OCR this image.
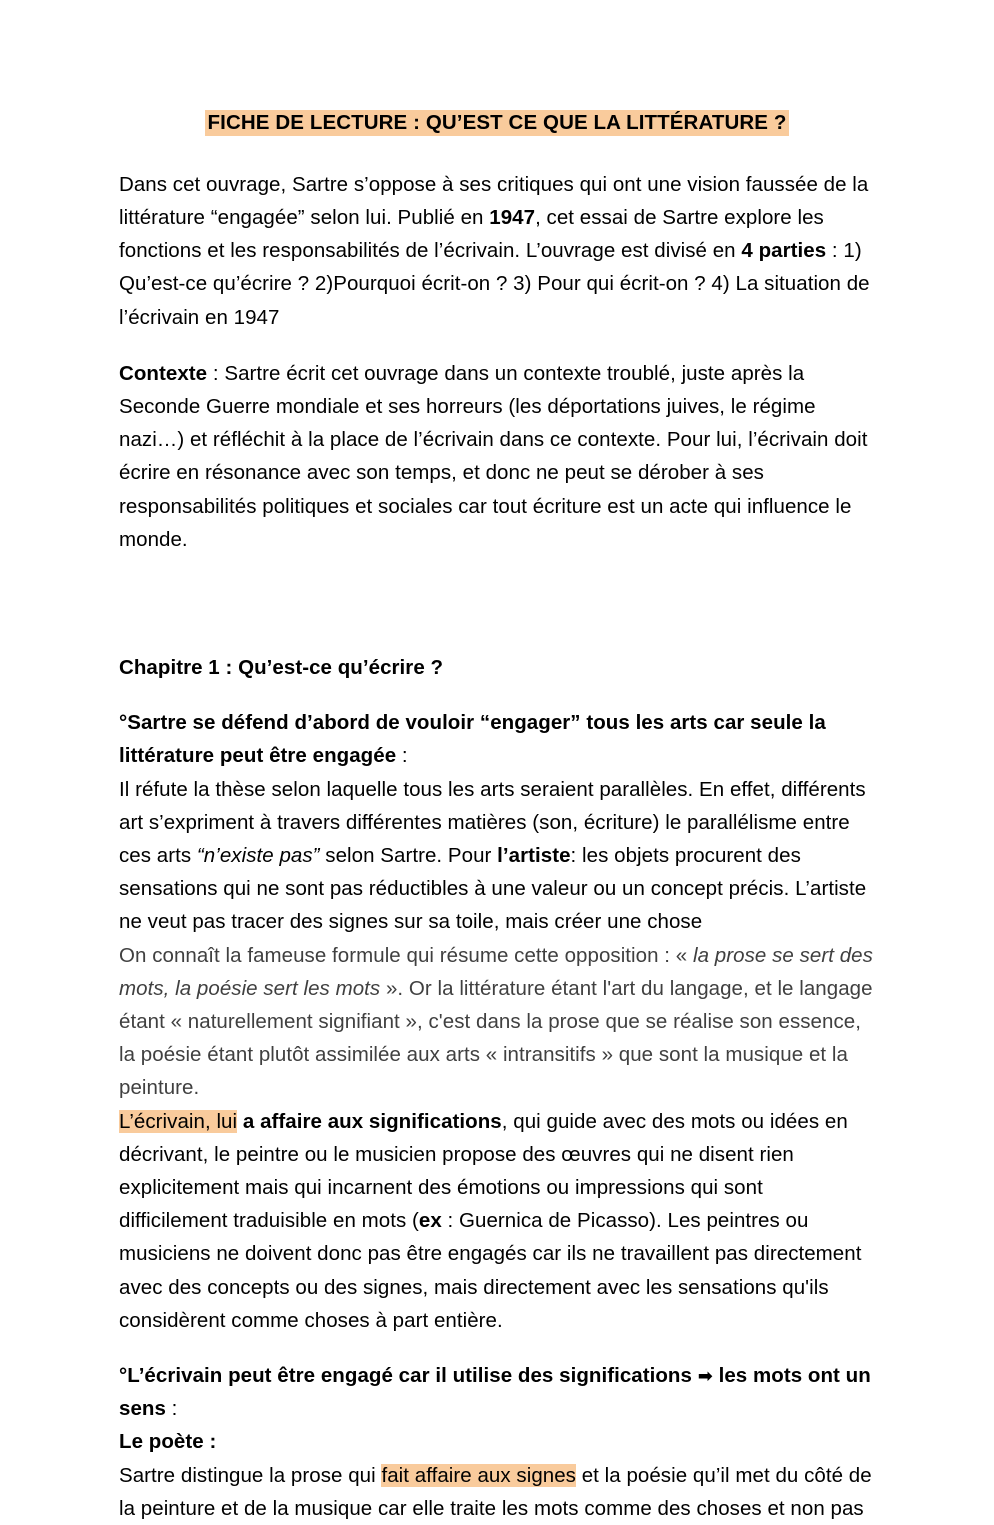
FICHE DE LECTURE : QU’EST CE QUE LA LITTÉRATURE ?

Dans cet ouvrage, Sartre s’oppose à ses critiques qui ont une vision faussée de la littérature “engagée” selon lui. Publié en 1947, cet essai de Sartre explore les fonctions et les responsabilités de l’écrivain. L’ouvrage est divisé en 4 parties : 1) Qu’est-ce qu’écrire ? 2)Pourquoi écrit-on ? 3) Pour qui écrit-on ? 4) La situation de l’écrivain en 1947

Contexte : Sartre écrit cet ouvrage dans un contexte troublé, juste après la Seconde Guerre mondiale et ses horreurs (les déportations juives, le régime nazi…) et réfléchit à la place de l’écrivain dans ce contexte. Pour lui, l’écrivain doit écrire en résonance avec son temps, et donc ne peut se dérober à ses responsabilités politiques et sociales car tout écriture est un acte qui influence le monde.

Chapitre 1 : Qu’est-ce qu’écrire ?

°Sartre se défend d’abord de vouloir “engager” tous les arts car seule la littérature peut être engagée :

Il réfute la thèse selon laquelle tous les arts seraient parallèles. En effet, différents art s’expriment à travers différentes matières (son, écriture) le parallélisme entre ces arts “n’existe pas” selon Sartre. Pour l’artiste: les objets procurent des sensations qui ne sont pas réductibles à une valeur ou un concept précis. L’artiste ne veut pas tracer des signes sur sa toile, mais créer une chose

On connaît la fameuse formule qui résume cette opposition : « la prose se sert des mots, la poésie sert les mots ». Or la littérature étant l'art du langage, et le langage étant « naturellement signifiant », c'est dans la prose que se réalise son essence, la poésie étant plutôt assimilée aux arts « intransitifs » que sont la musique et la peinture.

L’écrivain, lui a affaire aux significations, qui guide avec des mots ou idées en décrivant, le peintre ou le musicien propose des œuvres qui ne disent rien explicitement mais qui incarnent des émotions ou impressions qui sont difficilement traduisible en mots (ex : Guernica de Picasso). Les peintres ou musiciens ne doivent donc pas être engagés car ils ne travaillent pas directement avec des concepts ou des signes, mais directement avec les sensations qu'ils considèrent comme choses à part entière.

°L’écrivain peut être engagé car il utilise des significations ➡ les mots ont un sens :

Le poète :

Sartre distingue la prose qui fait affaire aux signes et la poésie qu’il met du côté de la peinture et de la musique car elle traite les mots comme des choses et non pas
